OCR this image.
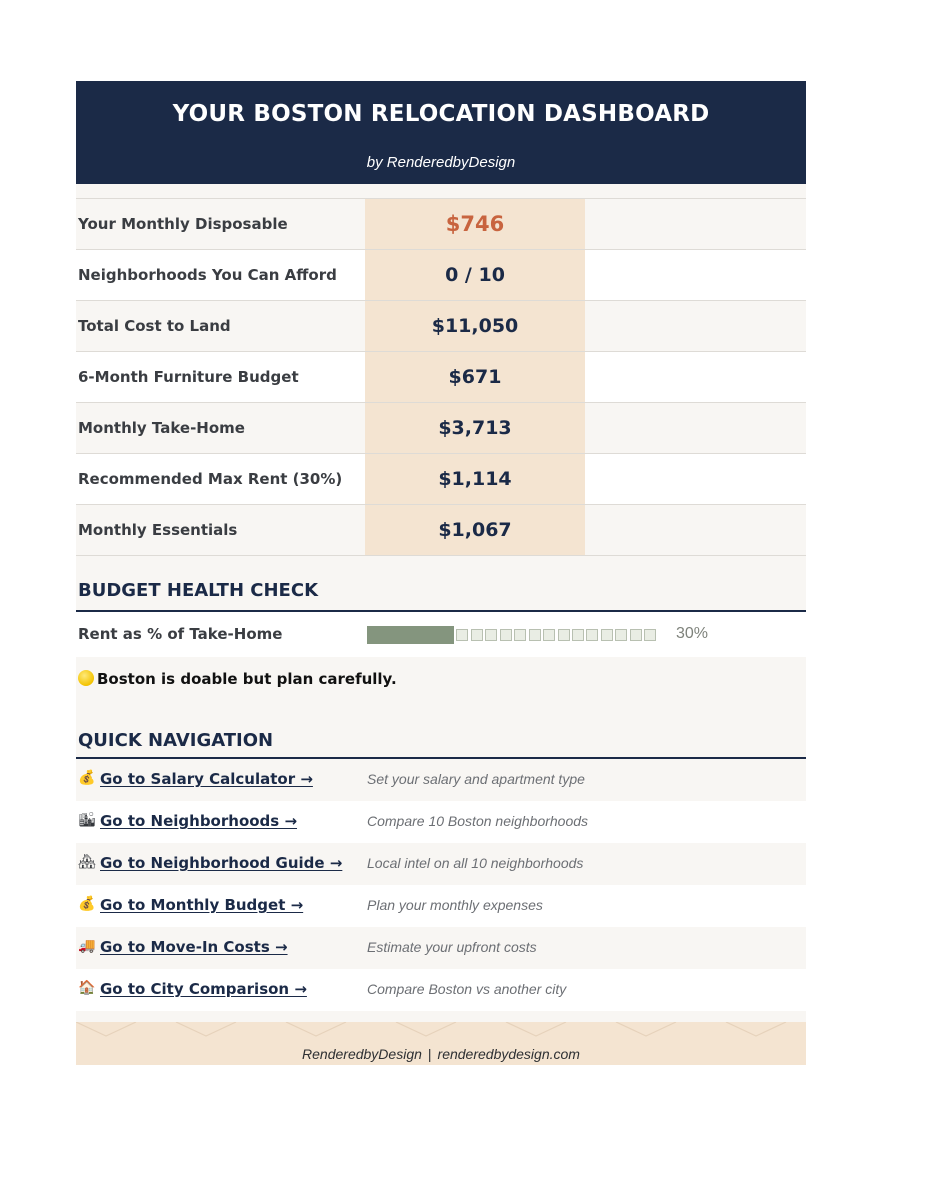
YOUR BOSTON RELOCATION DASHBOARD
by RenderedbyDesign
Your Monthly Disposable	$746
Neighborhoods You Can Afford	0 / 10
Total Cost to Land	$11,050
6-Month Furniture Budget	$671
Monthly Take-Home	$3,713
Recommended Max Rent (30%)	$1,114
Monthly Essentials	$1,067
BUDGET HEALTH CHECK
Rent as % of Take-Home	30%
Boston is doable but plan carefully.
QUICK NAVIGATION
💰 Go to Salary Calculator →	Set your salary and apartment type
🏙 Go to Neighborhoods →	Compare 10 Boston neighborhoods
🏘 Go to Neighborhood Guide → Local intel on all 10 neighborhoods
💰 Go to Monthly Budget →	Plan your monthly expenses
🚚 Go to Move-In Costs →	Estimate your upfront costs
🏠 Go to City Comparison →	Compare Boston vs another city
RenderedbyDesign | renderedbydesign.com
